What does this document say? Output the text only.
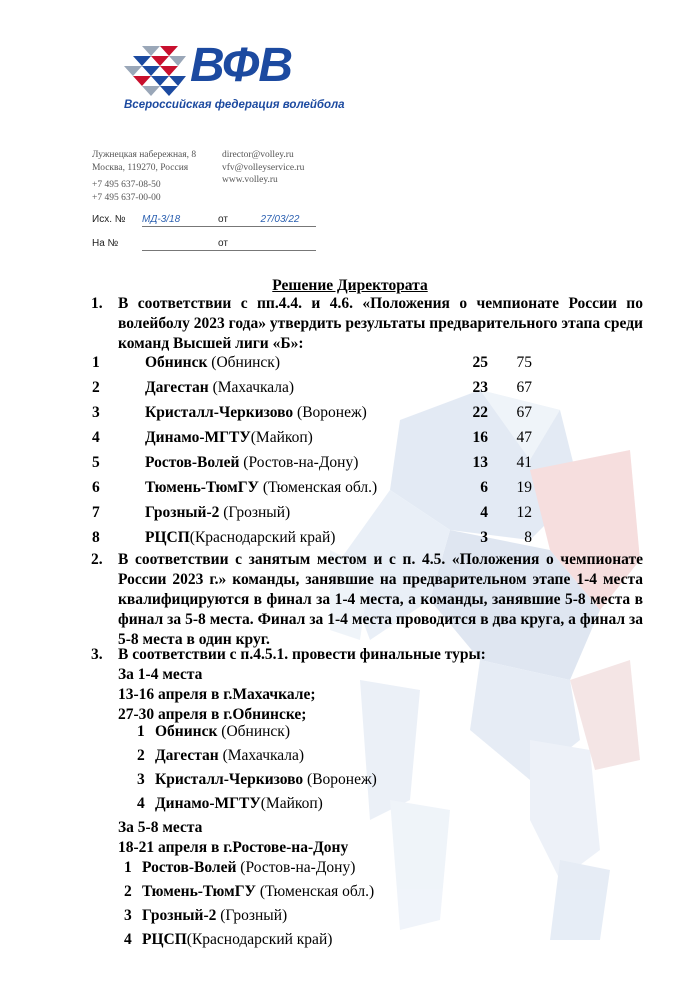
ВФВ
Всероссийская федерация волейбола
Лужнецкая набережная, 8
Москва, 119270, Россия
+7 495 637-08-50
+7 495 637-00-00
director@volley.ru
vfv@volleyservice.ru
www.volley.ru
Исх. № МД-3/18	от	27/03/22
На №	от
Решение Директората
1. В соответствии с пп.4.4. и 4.6. «Положения о чемпионате России по волейболу 2023 года» утвердить результаты предварительного этапа среди команд Высшей лиги «Б»:
1	Обнинск (Обнинск)	25	75
2	Дагестан (Махачкала)	23	67
3	Кристалл-Черкизово (Воронеж)	22	67
4	Динамо-МГТУ(Майкоп)	16	47
5	Ростов-Волей (Ростов-на-Дону)	13	41
6	Тюмень-ТюмГУ (Тюменская обл.)	6	19
7	Грозный-2 (Грозный)	4	12
8	РЦСП(Краснодарский край)	3	8
2. В соответствии с занятым местом и с п. 4.5. «Положения о чемпионате России 2023 г.» команды, занявшие на предварительном этапе 1-4 места квалифицируются в финал за 1-4 места, а команды, занявшие 5-8 места в финал за 5-8 места. Финал за 1-4 места проводится в два круга, а финал за 5-8 места в один круг.
3. В соответствии с п.4.5.1. провести финальные туры:
За 1-4 места
13-16 апреля в г.Махачкале;
27-30 апреля в г.Обнинске;
1 Обнинск (Обнинск)
2 Дагестан (Махачкала)
3 Кристалл-Черкизово (Воронеж)
4 Динамо-МГТУ(Майкоп)
За 5-8 места
18-21 апреля в г.Ростове-на-Дону
1 Ростов-Волей (Ростов-на-Дону)
2 Тюмень-ТюмГУ (Тюменская обл.)
3 Грозный-2 (Грозный)
4 РЦСП(Краснодарский край)
